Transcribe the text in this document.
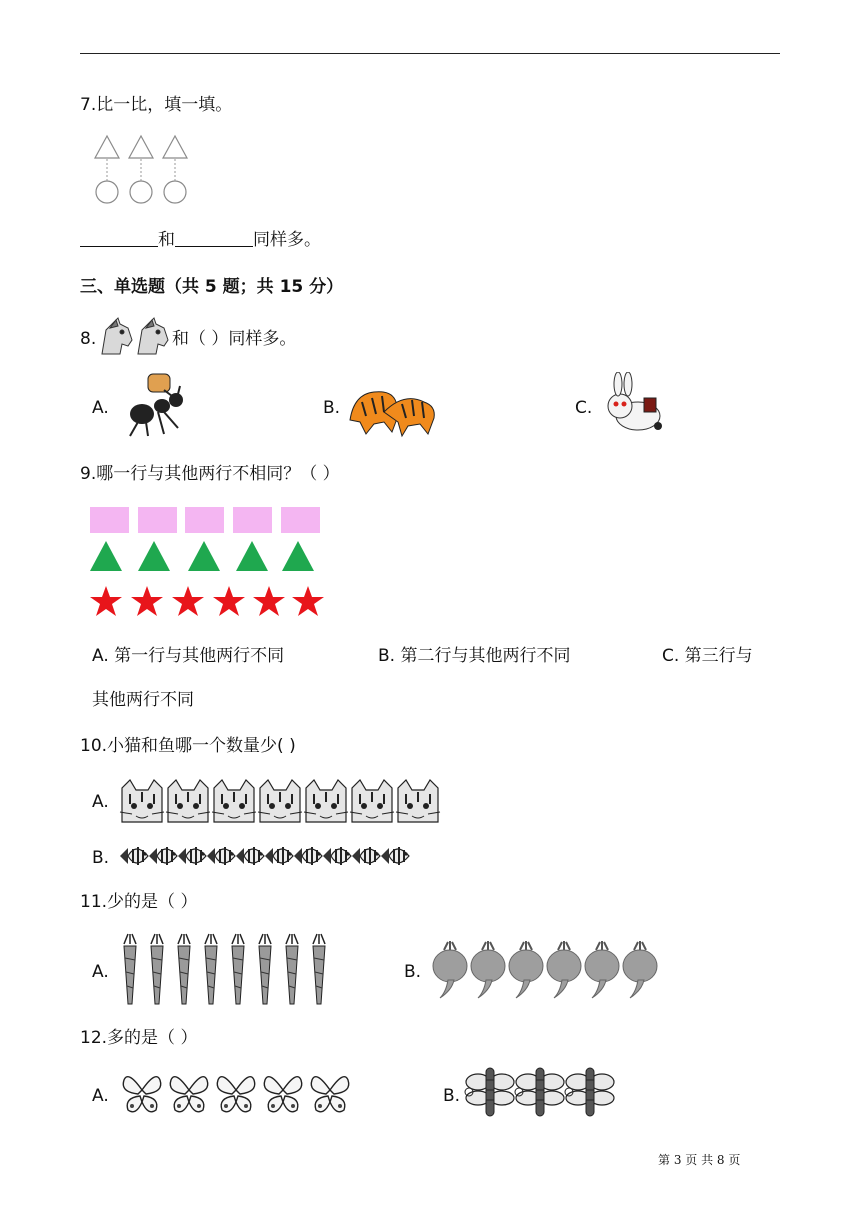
7.比一比，填一填。
和	同样多。
三、单选题（共 5 题；共 15 分）
8.	和（ ）同样多。
A.	B.	C.
9.哪一行与其他两行不相同？（ ）
A. 第一行与其他两行不同	B. 第二行与其他两行不同	C. 第三行与
其他两行不同
10.小猫和鱼哪一个数量少( )
A.
B.
11.少的是（ ）
A.	B.
12.多的是（ ）
A.	B.
第 3 页 共 8 页
